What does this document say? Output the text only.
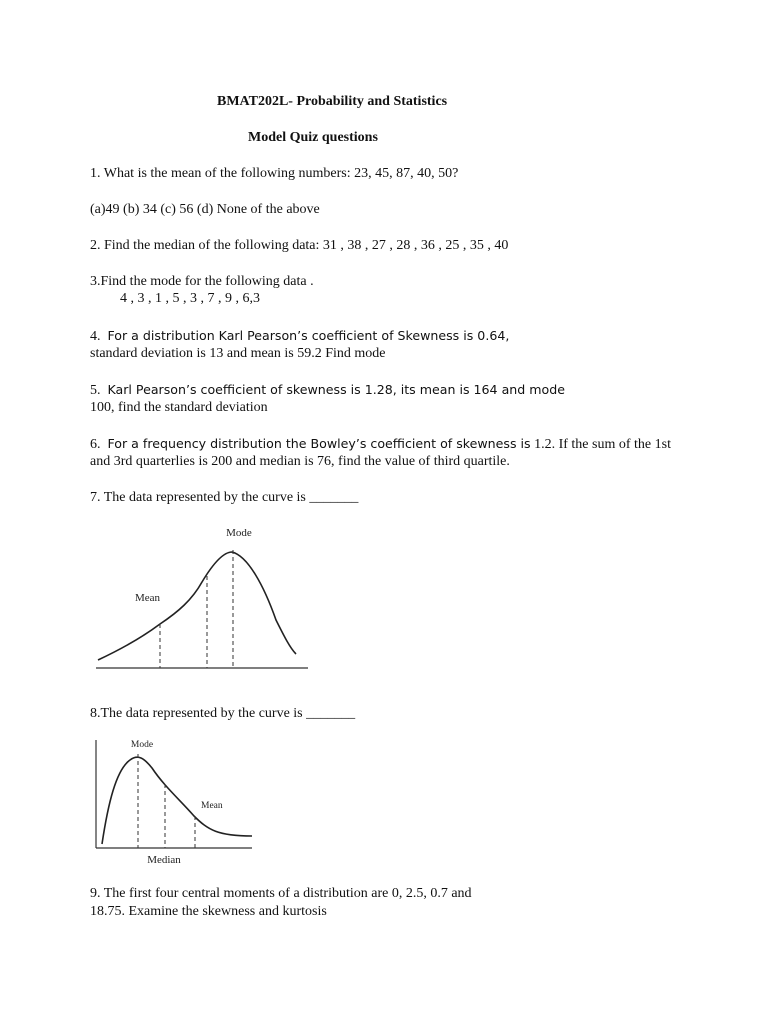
BMAT202L- Probability and Statistics
Model Quiz questions
1. What is the mean of the following numbers: 23, 45, 87, 40, 50?
(a)49 (b) 34 (c) 56 (d) None of the above
2. Find the median of the following data: 31 , 38 , 27 , 28 , 36 , 25 , 35 , 40
3.Find the mode for the following data .
4 , 3 , 1 , 5 , 3 , 7 , 9 , 6,3
4. For a distribution Karl Pearson’s coefficient of Skewness is 0.64,
standard deviation is 13 and mean is 59.2 Find mode
5. Karl Pearson’s coefficient of skewness is 1.28, its mean is 164 and mode
100, find the standard deviation
6. For a frequency distribution the Bowley’s coefficient of skewness is 1.2. If the sum of the 1st
and 3rd quarterlies is 200 and median is 76, find the value of third quartile.
7. The data represented by the curve is _______
Mode
Mean
8.The data represented by the curve is _______
Mode
Mean
Median
9. The first four central moments of a distribution are 0, 2.5, 0.7 and
18.75. Examine the skewness and kurtosis
